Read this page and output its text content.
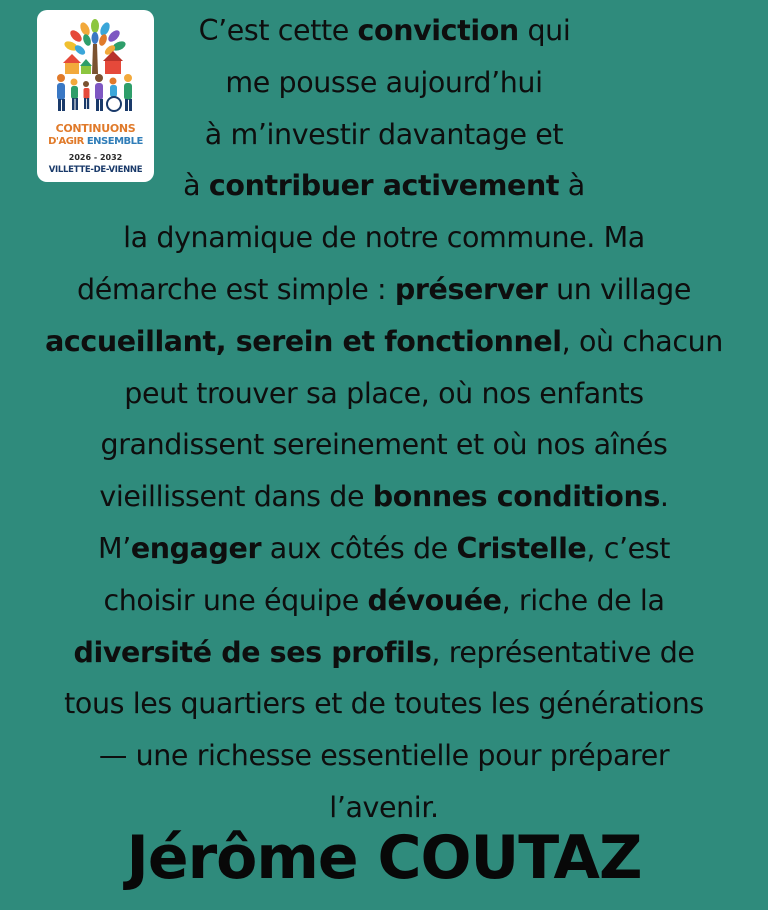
CONTINUONS
D'AGIR ENSEMBLE
2026 - 2032
VILLETTE-DE-VIENNE
C’est cette conviction qui
me pousse aujourd’hui
à m’investir davantage et
à contribuer activement à
la dynamique de notre commune. Ma
démarche est simple : préserver un village
accueillant, serein et fonctionnel, où chacun
peut trouver sa place, où nos enfants
grandissent sereinement et où nos aînés
vieillissent dans de bonnes conditions.
M’engager aux côtés de Cristelle, c’est
choisir une équipe dévouée, riche de la
diversité de ses profils, représentative de
tous les quartiers et de toutes les générations
— une richesse essentielle pour préparer
l’avenir.
Jérôme COUTAZ
